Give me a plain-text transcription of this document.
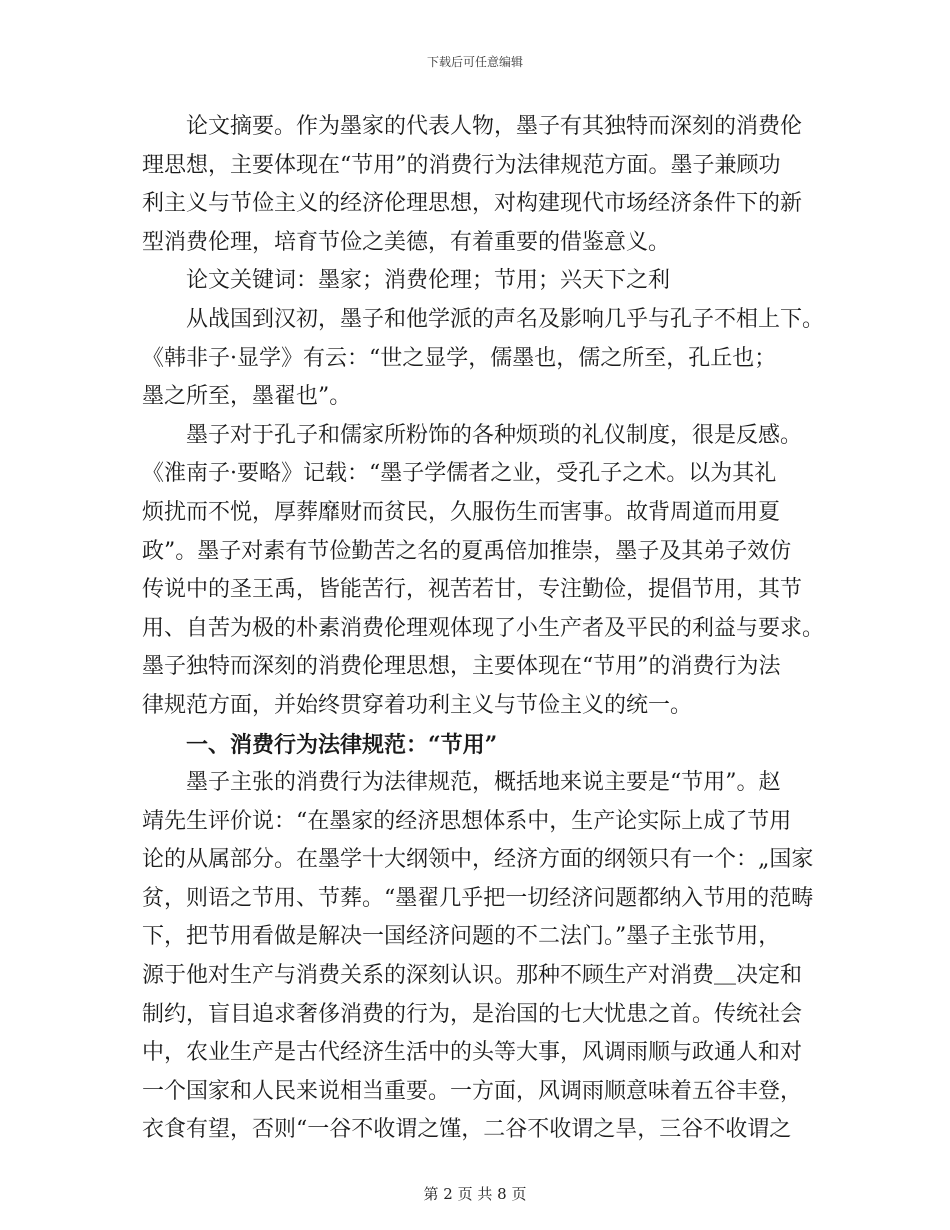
下载后可任意编辑
论文摘要。作为墨家的代表人物，墨子有其独特而深刻的消费伦
理思想，主要体现在“节用”的消费行为法律规范方面。墨子兼顾功
利主义与节俭主义的经济伦理思想，对构建现代市场经济条件下的新
型消费伦理，培育节俭之美德，有着重要的借鉴意义。
论文关键词：墨家；消费伦理；节用；兴天下之利
从战国到汉初，墨子和他学派的声名及影响几乎与孔子不相上下。
《韩非子·显学》有云：“世之显学，儒墨也，儒之所至，孔丘也；
墨之所至，墨翟也”。
墨子对于孔子和儒家所粉饰的各种烦琐的礼仪制度，很是反感。
《淮南子·要略》记载：“墨子学儒者之业，受孔子之术。以为其礼
烦扰而不悦，厚葬靡财而贫民，久服伤生而害事。故背周道而用夏
政”。墨子对素有节俭勤苦之名的夏禹倍加推崇，墨子及其弟子效仿
传说中的圣王禹，皆能苦行，视苦若甘，专注勤俭，提倡节用，其节
用、自苦为极的朴素消费伦理观体现了小生产者及平民的利益与要求。
墨子独特而深刻的消费伦理思想，主要体现在“节用”的消费行为法
律规范方面，并始终贯穿着功利主义与节俭主义的统一。
一、消费行为法律规范：“节用”
墨子主张的消费行为法律规范，概括地来说主要是“节用”。赵
靖先生评价说：“在墨家的经济思想体系中，生产论实际上成了节用
论的从属部分。在墨学十大纲领中，经济方面的纲领只有一个：„国家
贫，则语之节用、节葬。“墨翟几乎把一切经济问题都纳入节用的范畴
下，把节用看做是解决一国经济问题的不二法门。”墨子主张节用，
源于他对生产与消费关系的深刻认识。那种不顾生产对消费＿决定和
制约，盲目追求奢侈消费的行为，是治国的七大忧患之首。传统社会
中，农业生产是古代经济生活中的头等大事，风调雨顺与政通人和对
一个国家和人民来说相当重要。一方面，风调雨顺意味着五谷丰登，
衣食有望，否则“一谷不收谓之馑，二谷不收谓之旱，三谷不收谓之
第 2 页 共 8 页
